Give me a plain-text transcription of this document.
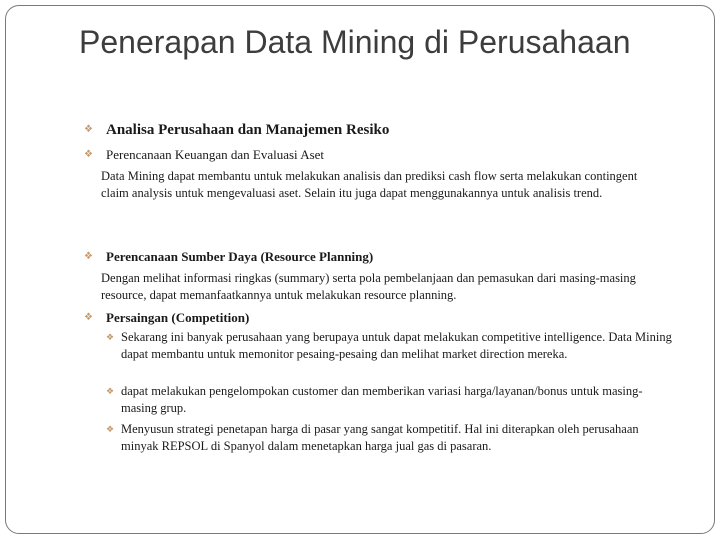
Penerapan Data Mining di Perusahaan
❖ Analisa Perusahaan dan Manajemen Resiko
❖	Perencanaan Keuangan dan Evaluasi Aset

Data Mining dapat membantu untuk melakukan analisis dan prediksi cash flow serta melakukan contingent claim analysis untuk mengevaluasi aset. Selain itu juga dapat menggunakannya untuk analisis trend.

❖	Perencanaan Sumber Daya (Resource Planning)

Dengan melihat informasi ringkas (summary) serta pola pembelanjaan dan pemasukan dari masing-masing resource, dapat memanfaatkannya untuk melakukan resource planning.

❖	Persaingan (Competition)
❖ Sekarang ini banyak perusahaan yang berupaya untuk dapat melakukan competitive intelligence. Data Mining dapat membantu untuk memonitor pesaing-pesaing dan melihat market direction mereka.
❖ dapat melakukan pengelompokan customer dan memberikan variasi harga/layanan/bonus untuk masing-masing grup.
❖ Menyusun strategi penetapan harga di pasar yang sangat kompetitif. Hal ini diterapkan oleh perusahaan minyak REPSOL di Spanyol dalam menetapkan harga jual gas di pasaran.
